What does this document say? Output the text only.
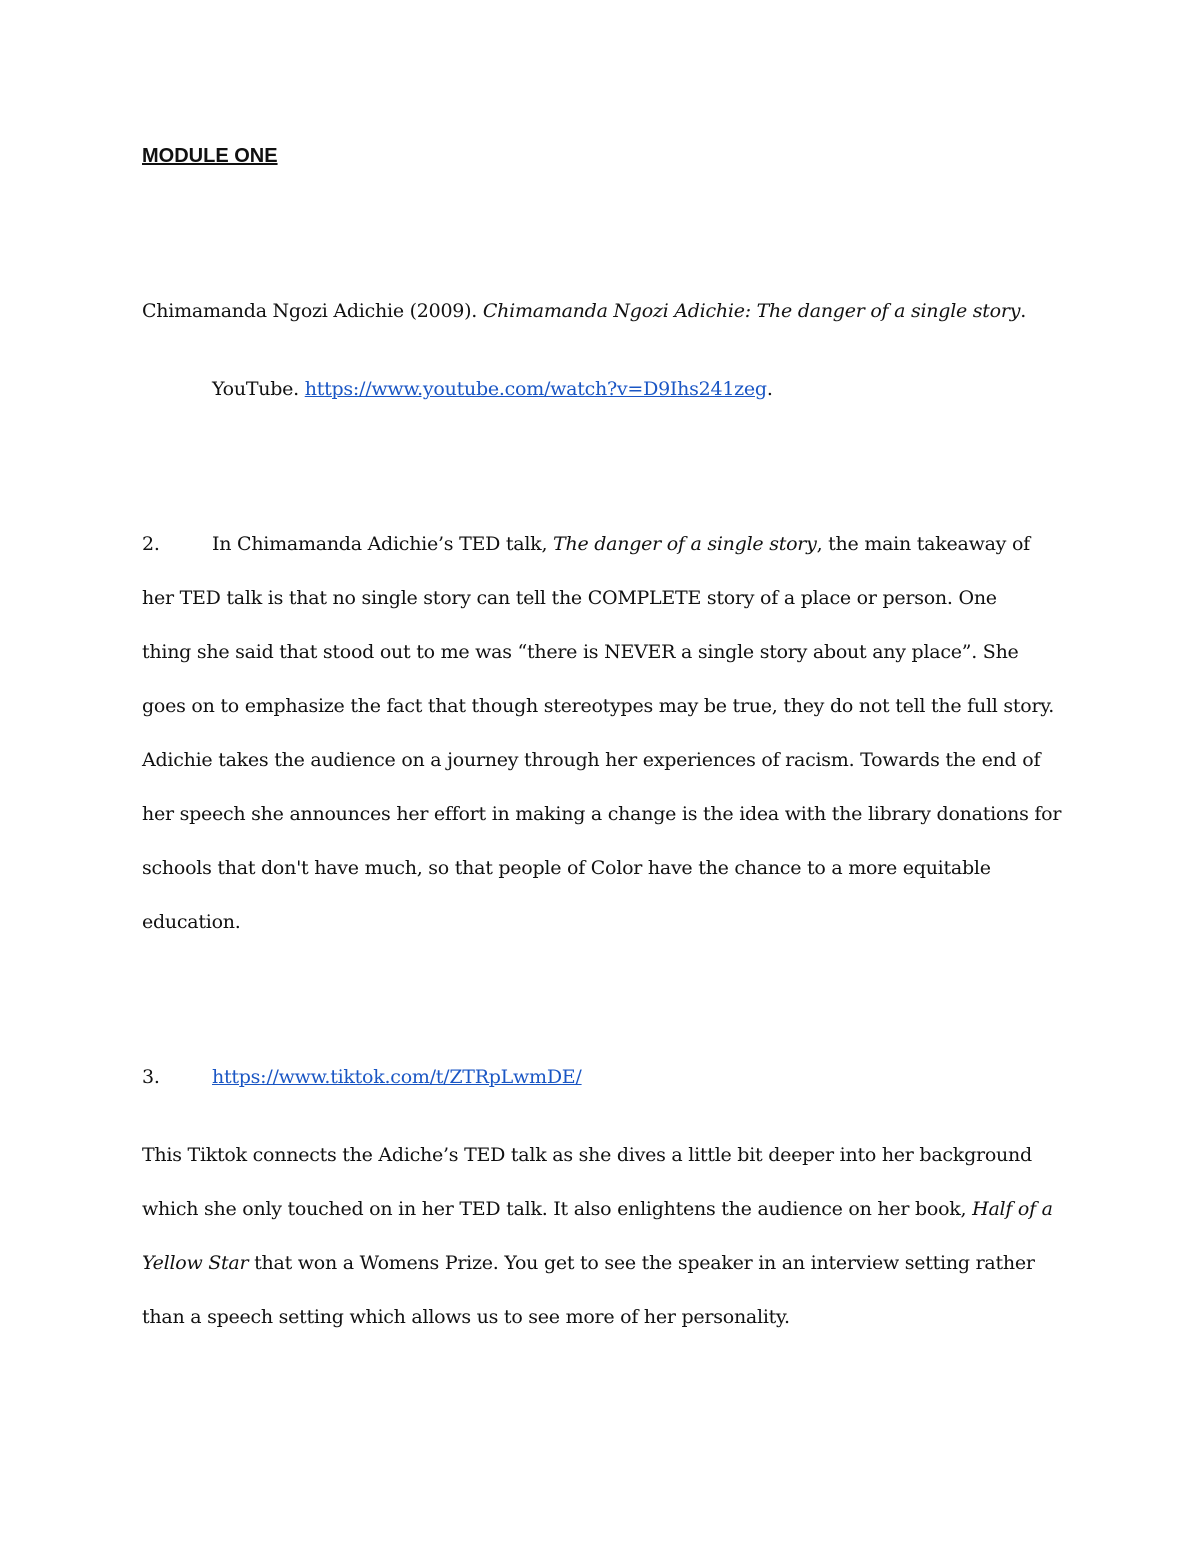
MODULE ONE
Chimamanda Ngozi Adichie (2009). Chimamanda Ngozi Adichie: The danger of a single story.
YouTube. https://www.youtube.com/watch?v=D9Ihs241zeg.
2.	In Chimamanda Adichie’s TED talk, The danger of a single story, the main takeaway of
her TED talk is that no single story can tell the COMPLETE story of a place or person. One
thing she said that stood out to me was “there is NEVER a single story about any place”. She
goes on to emphasize the fact that though stereotypes may be true, they do not tell the full story.
Adichie takes the audience on a journey through her experiences of racism. Towards the end of
her speech she announces her effort in making a change is the idea with the library donations for
schools that don't have much, so that people of Color have the chance to a more equitable
education.
3.	https://www.tiktok.com/t/ZTRpLwmDE/
This Tiktok connects the Adiche’s TED talk as she dives a little bit deeper into her background
which she only touched on in her TED talk. It also enlightens the audience on her book, Half of a
Yellow Star that won a Womens Prize. You get to see the speaker in an interview setting rather
than a speech setting which allows us to see more of her personality.
